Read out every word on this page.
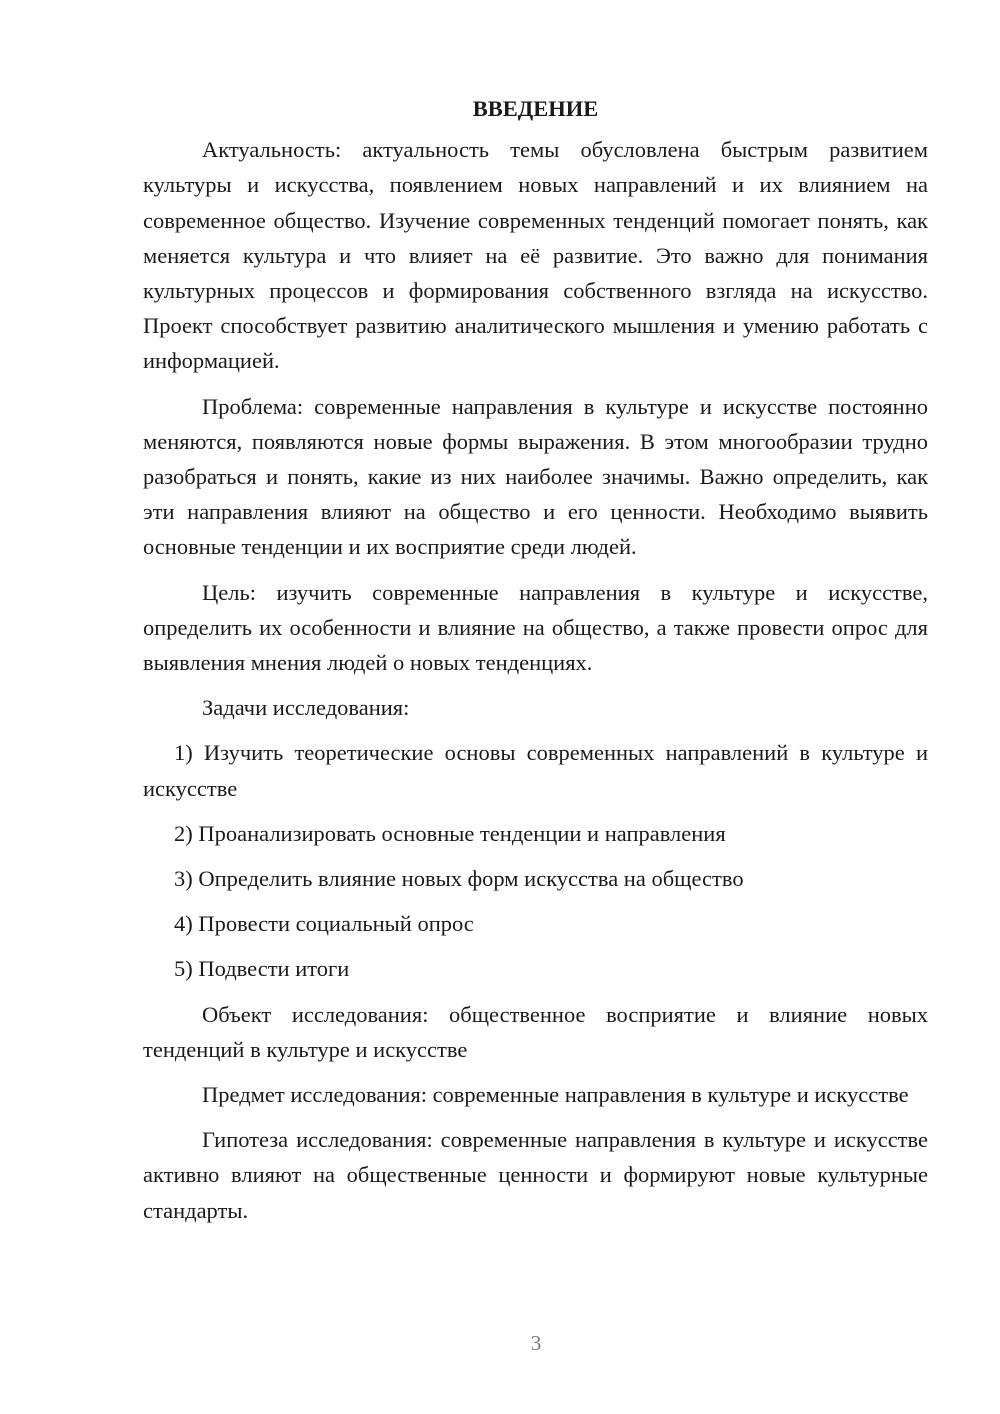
ВВЕДЕНИЕ

Актуальность: актуальность темы обусловлена быстрым развитием культуры и искусства, появлением новых направлений и их влиянием на современное общество. Изучение современных тенденций помогает понять, как меняется культура и что влияет на её развитие. Это важно для понимания культурных процессов и формирования собственного взгляда на искусство. Проект способствует развитию аналитического мышления и умению работать с информацией.

Проблема: современные направления в культуре и искусстве постоянно меняются, появляются новые формы выражения. В этом многообразии трудно разобраться и понять, какие из них наиболее значимы. Важно определить, как эти направления влияют на общество и его ценности. Необходимо выявить основные тенденции и их восприятие среди людей.

Цель: изучить современные направления в культуре и искусстве, определить их особенности и влияние на общество, а также провести опрос для выявления мнения людей о новых тенденциях.

Задачи исследования:

1) Изучить теоретические основы современных направлений в культуре и искусстве

2) Проанализировать основные тенденции и направления

3) Определить влияние новых форм искусства на общество

4) Провести социальный опрос

5) Подвести итоги

Объект исследования: общественное восприятие и влияние новых тенденций в культуре и искусстве

Предмет исследования: современные направления в культуре и искусстве

Гипотеза исследования: современные направления в культуре и искусстве активно влияют на общественные ценности и формируют новые культурные стандарты.

3
